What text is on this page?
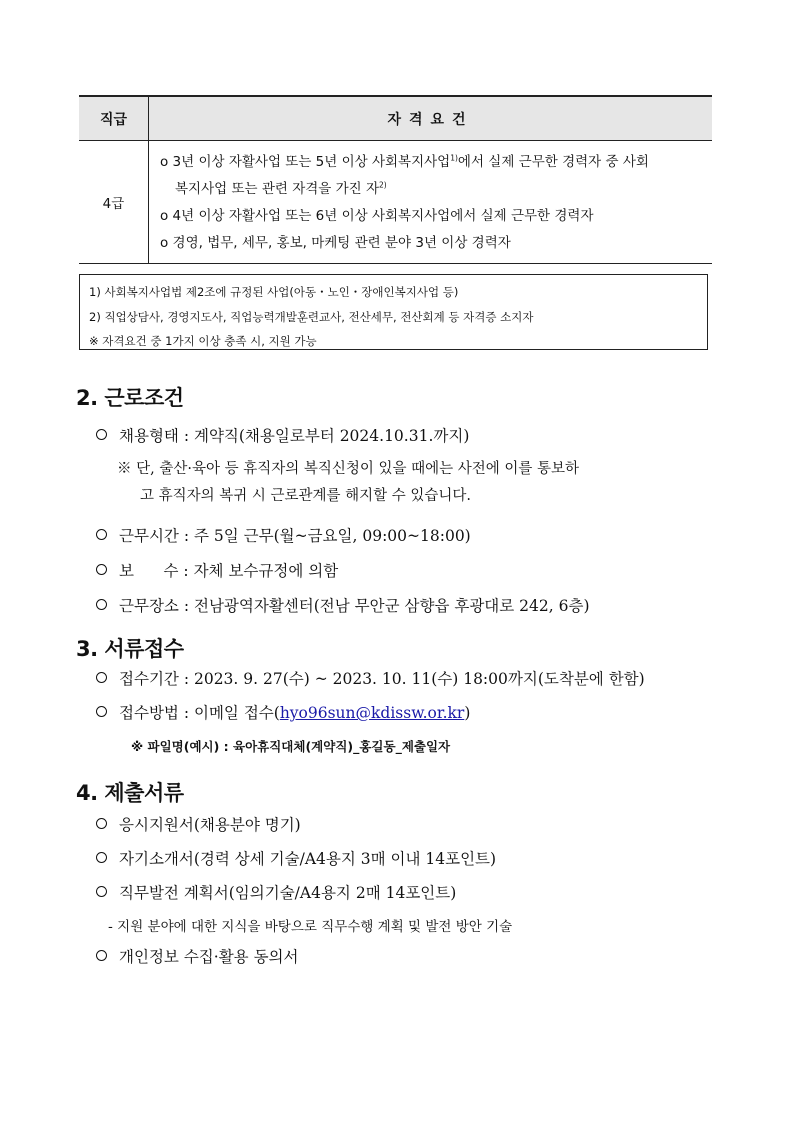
직급	자격요건
4급	o 3년 이상 자활사업 또는 5년 이상 사회복지사업$^{1)}$에서 실제 근무한 경력자 중 사회
복지사업 또는 관련 자격을 가진 자$^{2)}$
o 4년 이상 자활사업 또는 6년 이상 사회복지사업에서 실제 근무한 경력자
o 경영, 법무, 세무, 홍보, 마케팅 관련 분야 3년 이상 경력자
1) 사회복지사업법 제2조에 규정된 사업(아동・노인・장애인복지사업 등)
2) 직업상담사, 경영지도사, 직업능력개발훈련교사, 전산세무, 전산회계 등 자격증 소지자
※ 자격요건 중 1가지 이상 충족 시, 지원 가능
2. 근로조건
채용형태 : 계약직(채용일로부터 2024.10.31.까지)
※ 단, 출산·육아 등 휴직자의 복직신청이 있을 때에는 사전에 이를 통보하
고 휴직자의 복귀 시 근로관계를 해지할 수 있습니다.
근무시간 : 주 5일 근무(월~금요일, 09:00~18:00)
보      수 : 자체 보수규정에 의함
근무장소 : 전남광역자활센터(전남 무안군 삼향읍 후광대로 242, 6층)
3. 서류접수
접수기간 : 2023. 9. 27(수) ~ 2023. 10. 11(수) 18:00까지(도착분에 한함)
접수방법 : 이메일 접수(hyo96sun@kdissw.or.kr)
※ 파일명(예시) : 육아휴직대체(계약직)_홍길동_제출일자
4. 제출서류
응시지원서(채용분야 명기)
자기소개서(경력 상세 기술/A4용지 3매 이내 14포인트)
직무발전 계획서(임의기술/A4용지 2매 14포인트)
- 지원 분야에 대한 지식을 바탕으로 직무수행 계획 및 발전 방안 기술
개인정보 수집·활용 동의서
